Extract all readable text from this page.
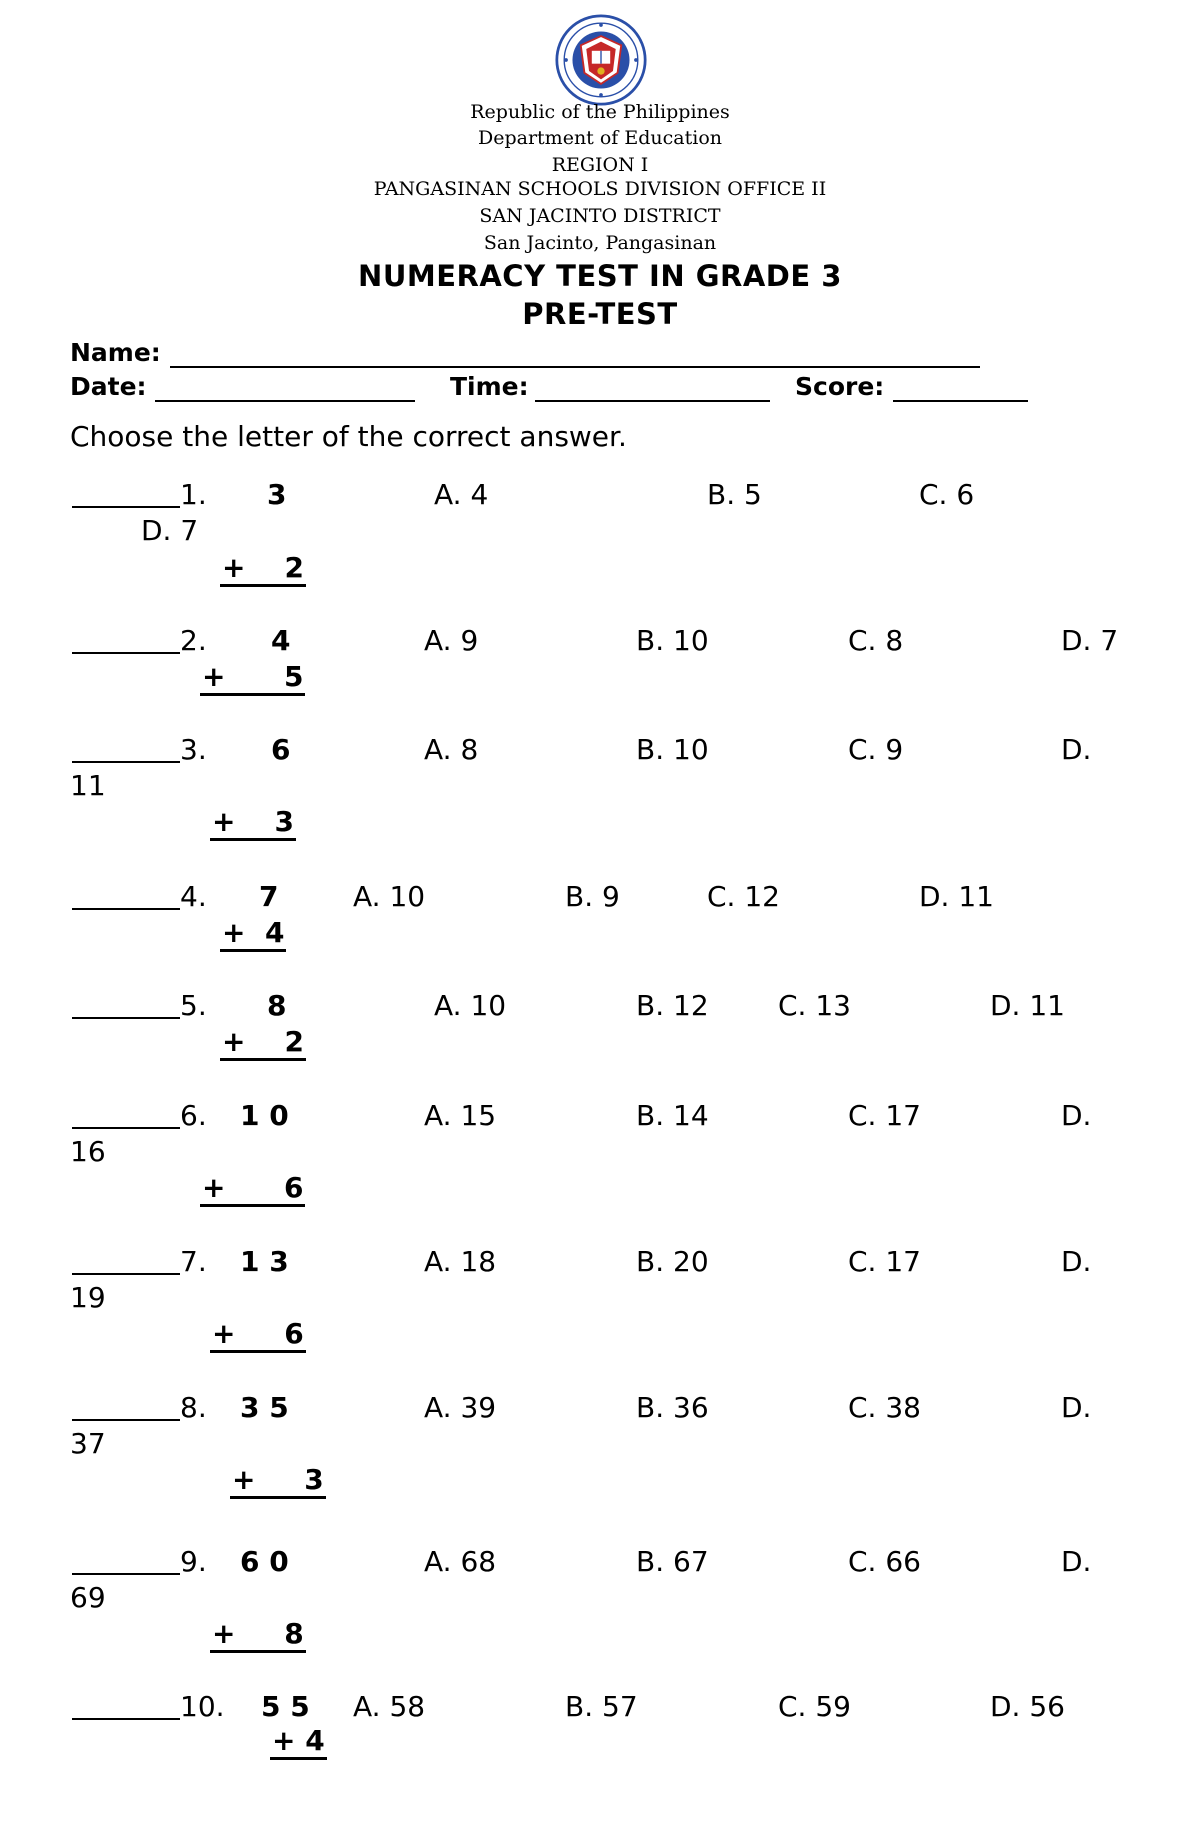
Republic of the Philippines
Department of Education
REGION I
PANGASINAN SCHOOLS DIVISION OFFICE II
SAN JACINTO DISTRICT
San Jacinto, Pangasinan
NUMERACY TEST IN GRADE 3
PRE-TEST
Name:
Date:	Time:	Score:
Choose the letter of the correct answer.
1. 3	A. 4	B. 5	C. 6
D. 7
+    2
2. 4	A. 9	B. 10	C. 8	D. 7
+      5
3. 6	A. 8	B. 10	C. 9	D.
11
+    3
4. 7	A. 10	B. 9	C. 12	D. 11
+  4
5. 8	A. 10	B. 12 C. 13	D. 11
+    2
6. 1 0	A. 15	B. 14	C. 17	D.
16
+      6
7. 1 3	A. 18	B. 20	C. 17	D.
19
+     6
8. 3 5	A. 39	B. 36	C. 38	D.
37
+     3
9. 6 0	A. 68	B. 67	C. 66	D.
69
+     8
10. 5 5 A. 58	B. 57	C. 59	D. 56
+ 4
